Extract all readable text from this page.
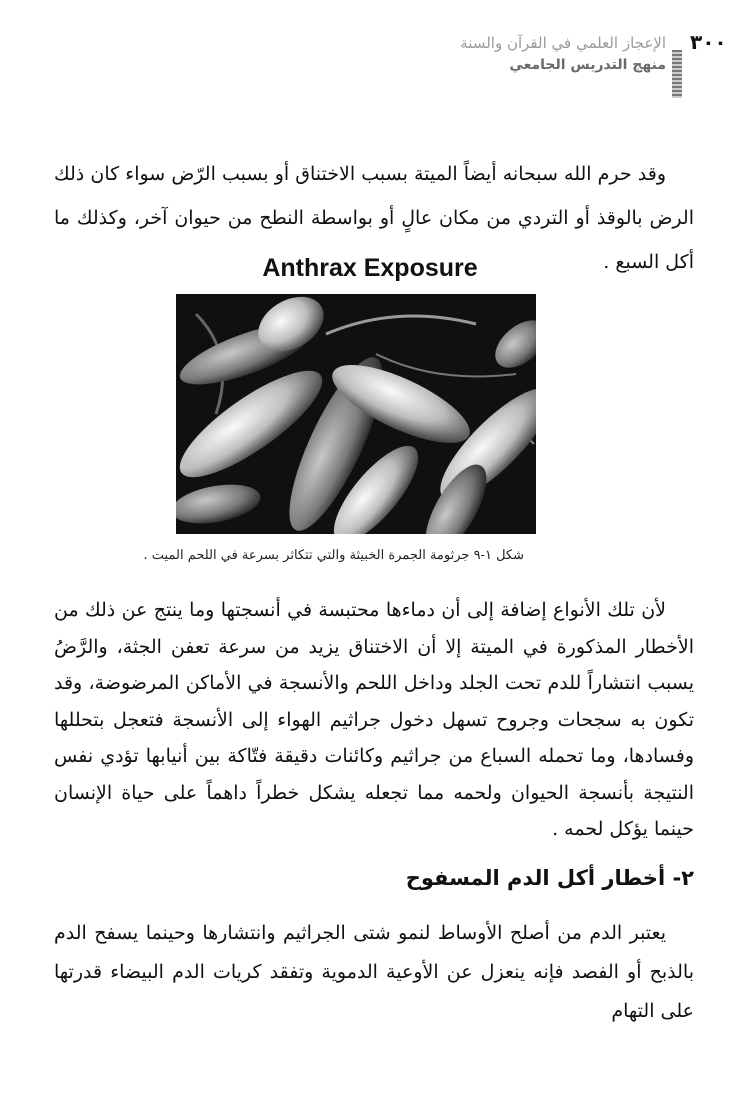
٣٠٠
الإعجاز العلمي في القرآن والسنة
منهج التدريس الجامعي

وقد حرم الله سبحانه أيضاً الميتة بسبب الاختناق أو بسبب الرّض سواء كان ذلك الرض بالوقذ أو التردي من مكان عالٍ أو بواسطة النطح من حيوان آخر، وكذلك ما أكل السبع .

Anthrax Exposure
شكل ١-٩ جرثومة الجمرة الخبيثة والتي تتكاثر بسرعة في اللحم الميت .

لأن تلك الأنواع إضافة إلى أن دماءها محتبسة في أنسجتها وما ينتج عن ذلك من الأخطار المذكورة في الميتة إلا أن الاختناق يزيد من سرعة تعفن الجثة، والرَّضُ يسبب انتشاراً للدم تحت الجلد وداخل اللحم والأنسجة في الأماكن المرضوضة، وقد تكون به سجحات وجروح تسهل دخول جراثيم الهواء إلى الأنسجة فتعجل بتحللها وفسادها، وما تحمله السباع من جراثيم وكائنات دقيقة فتّاكة بين أنيابها تؤدي نفس النتيجة بأنسجة الحيوان ولحمه مما تجعله يشكل خطراً داهماً على حياة الإنسان حينما يؤكل لحمه .

٢- أخطار أكل الدم المسفوح

يعتبر الدم من أصلح الأوساط لنمو شتى الجراثيم وانتشارها وحينما يسفح الدم بالذبح أو الفصد فإنه ينعزل عن الأوعية الدموية وتفقد كريات الدم البيضاء قدرتها على التهام
